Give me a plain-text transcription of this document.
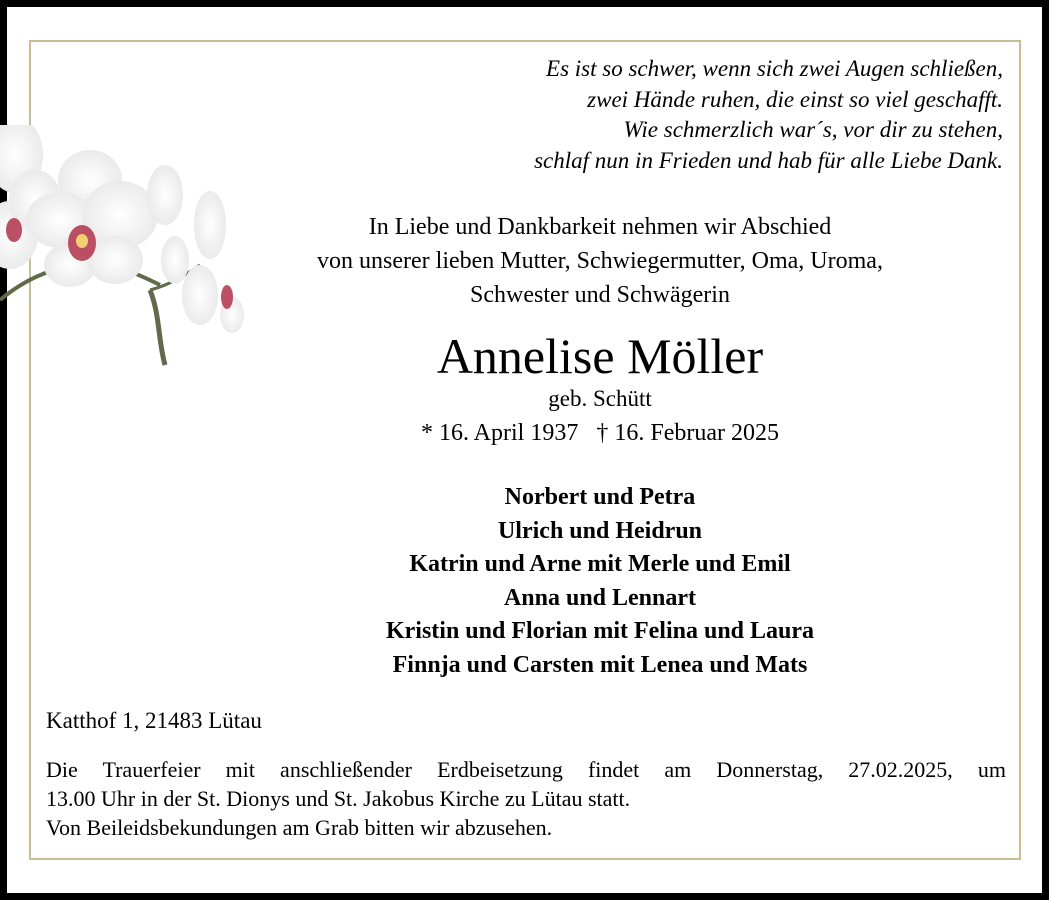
Es ist so schwer, wenn sich zwei Augen schließen,
zwei Hände ruhen, die einst so viel geschafft.
Wie schmerzlich war´s, vor dir zu stehen,
schlaf nun in Frieden und hab für alle Liebe Dank.
In Liebe und Dankbarkeit nehmen wir Abschied
von unserer lieben Mutter, Schwiegermutter, Oma, Uroma,
Schwester und Schwägerin
Annelise Möller
geb. Schütt
* 16. April 1937 † 16. Februar 2025
Norbert und Petra
Ulrich und Heidrun
Katrin und Arne mit Merle und Emil
Anna und Lennart
Kristin und Florian mit Felina und Laura
Finnja und Carsten mit Lenea und Mats
Katthof 1, 21483 Lütau
Die Trauerfeier mit anschließender Erdbeisetzung findet am Donnerstag, 27.02.2025, um
13.00 Uhr in der St. Dionys und St. Jakobus Kirche zu Lütau statt.
Von Beileidsbekundungen am Grab bitten wir abzusehen.
